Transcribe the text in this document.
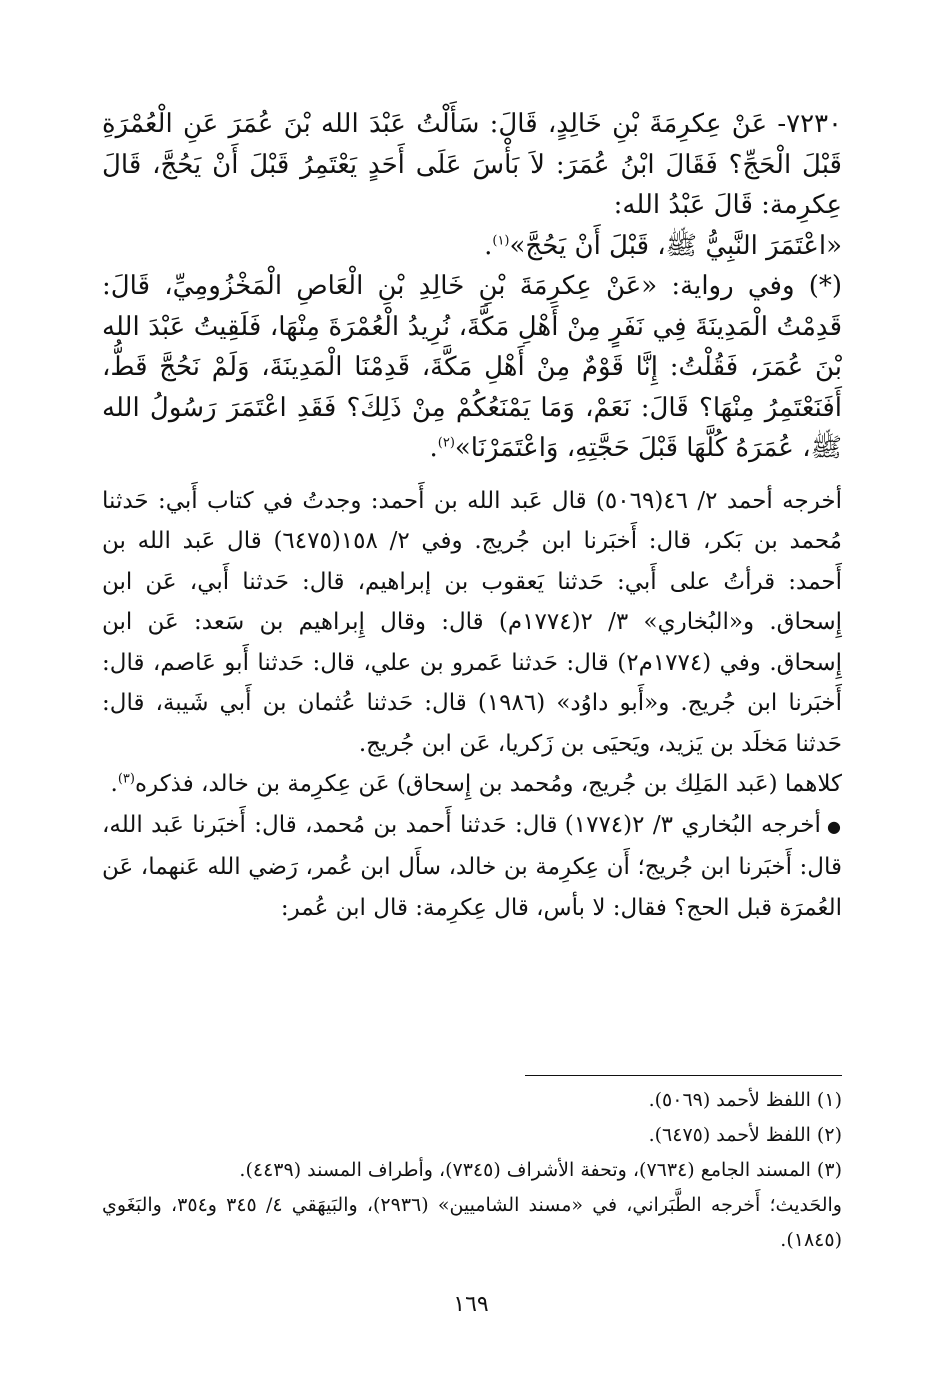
٧٢٣٠- عَنْ عِكرِمَةَ بْنِ خَالِدٍ، قَالَ: سَأَلْتُ عَبْدَ الله بْنَ عُمَرَ عَنِ الْعُمْرَةِ قَبْلَ الْحَجِّ؟ فَقَالَ ابْنُ عُمَرَ: لاَ بَأْسَ عَلَى أَحَدٍ يَعْتَمِرُ قَبْلَ أَنْ يَحُجَّ، قَالَ عِكرِمة: قَالَ عَبْدُ الله:

«اعْتَمَرَ النَّبِيُّ ﷺ، قَبْلَ أَنْ يَحُجَّ»$^{(١)}$.

(*) وفي رواية: «عَنْ عِكرِمَةَ بْنِ خَالِدِ بْنِ الْعَاصِ الْمَخْزُومِيِّ، قَالَ: قَدِمْتُ الْمَدِينَةَ فِي نَفَرٍ مِنْ أَهْلِ مَكَّةَ، نُرِيدُ الْعُمْرَةَ مِنْهَا، فَلَقِيتُ عَبْدَ الله بْنَ عُمَرَ، فَقُلْتُ: إِنَّا قَوْمٌ مِنْ أَهْلِ مَكَّةَ، قَدِمْنَا الْمَدِينَةَ، وَلَمْ نَحُجَّ قَطُّ، أَفَنَعْتَمِرُ مِنْهَا؟ قَالَ: نَعَمْ، وَمَا يَمْنَعُكُمْ مِنْ ذَلِكَ؟ فَقَدِ اعْتَمَرَ رَسُولُ الله ﷺ، عُمَرَهُ كُلَّهَا قَبْلَ حَجَّتِهِ، وَاعْتَمَرْنَا»$^{(٢)}$.

أخرجه أحمد ٢/ ٤٦(٥٠٦٩) قال عَبد الله بن أَحمد: وجدتُ في كتاب أَبي: حَدثنا مُحمد بن بَكر، قال: أَخبَرنا ابن جُريج. وفي ٢/ ١٥٨(٦٤٧٥) قال عَبد الله بن أَحمد: قرأتُ على أَبي: حَدثنا يَعقوب بن إبراهيم، قال: حَدثنا أَبي، عَن ابن إِسحاق. و«البُخاري» ٣/ ٢(١٧٧٤م) قال: وقال إِبراهيم بن سَعد: عَن ابن إِسحاق. وفي (١٧٧٤م٢) قال: حَدثنا عَمرو بن علي، قال: حَدثنا أَبو عَاصم، قال: أَخبَرنا ابن جُريج. و«أَبو داوُد» (١٩٨٦) قال: حَدثنا عُثمان بن أَبي شَيبة، قال: حَدثنا مَخلَد بن يَزيد، ويَحيَى بن زَكريا، عَن ابن جُريج.

كلاهما (عَبد المَلِك بن جُريج، ومُحمد بن إِسحاق) عَن عِكرِمة بن خالد، فذكره$^{(٣)}$.

● أخرجه البُخاري ٣/ ٢(١٧٧٤) قال: حَدثنا أَحمد بن مُحمد، قال: أَخبَرنا عَبد الله، قال: أَخبَرنا ابن جُريج؛ أَن عِكرِمة بن خالد، سأَل ابن عُمر، رَضي الله عَنهما، عَن العُمرَة قبل الحج؟ فقال: لا بأس، قال عِكرِمة: قال ابن عُمر:

(١) اللفظ لأحمد (٥٠٦٩).

(٢) اللفظ لأحمد (٦٤٧٥).

(٣) المسند الجامع (٧٦٣٤)، وتحفة الأشراف (٧٣٤٥)، وأطراف المسند (٤٤٣٩).

والحَديث؛ أَخرجه الطَّبَراني، في «مسند الشاميين» (٢٩٣٦)، والبَيهَقي ٤/ ٣٤٥ و٣٥٤، والبَغَوي (١٨٤٥).

١٦٩
